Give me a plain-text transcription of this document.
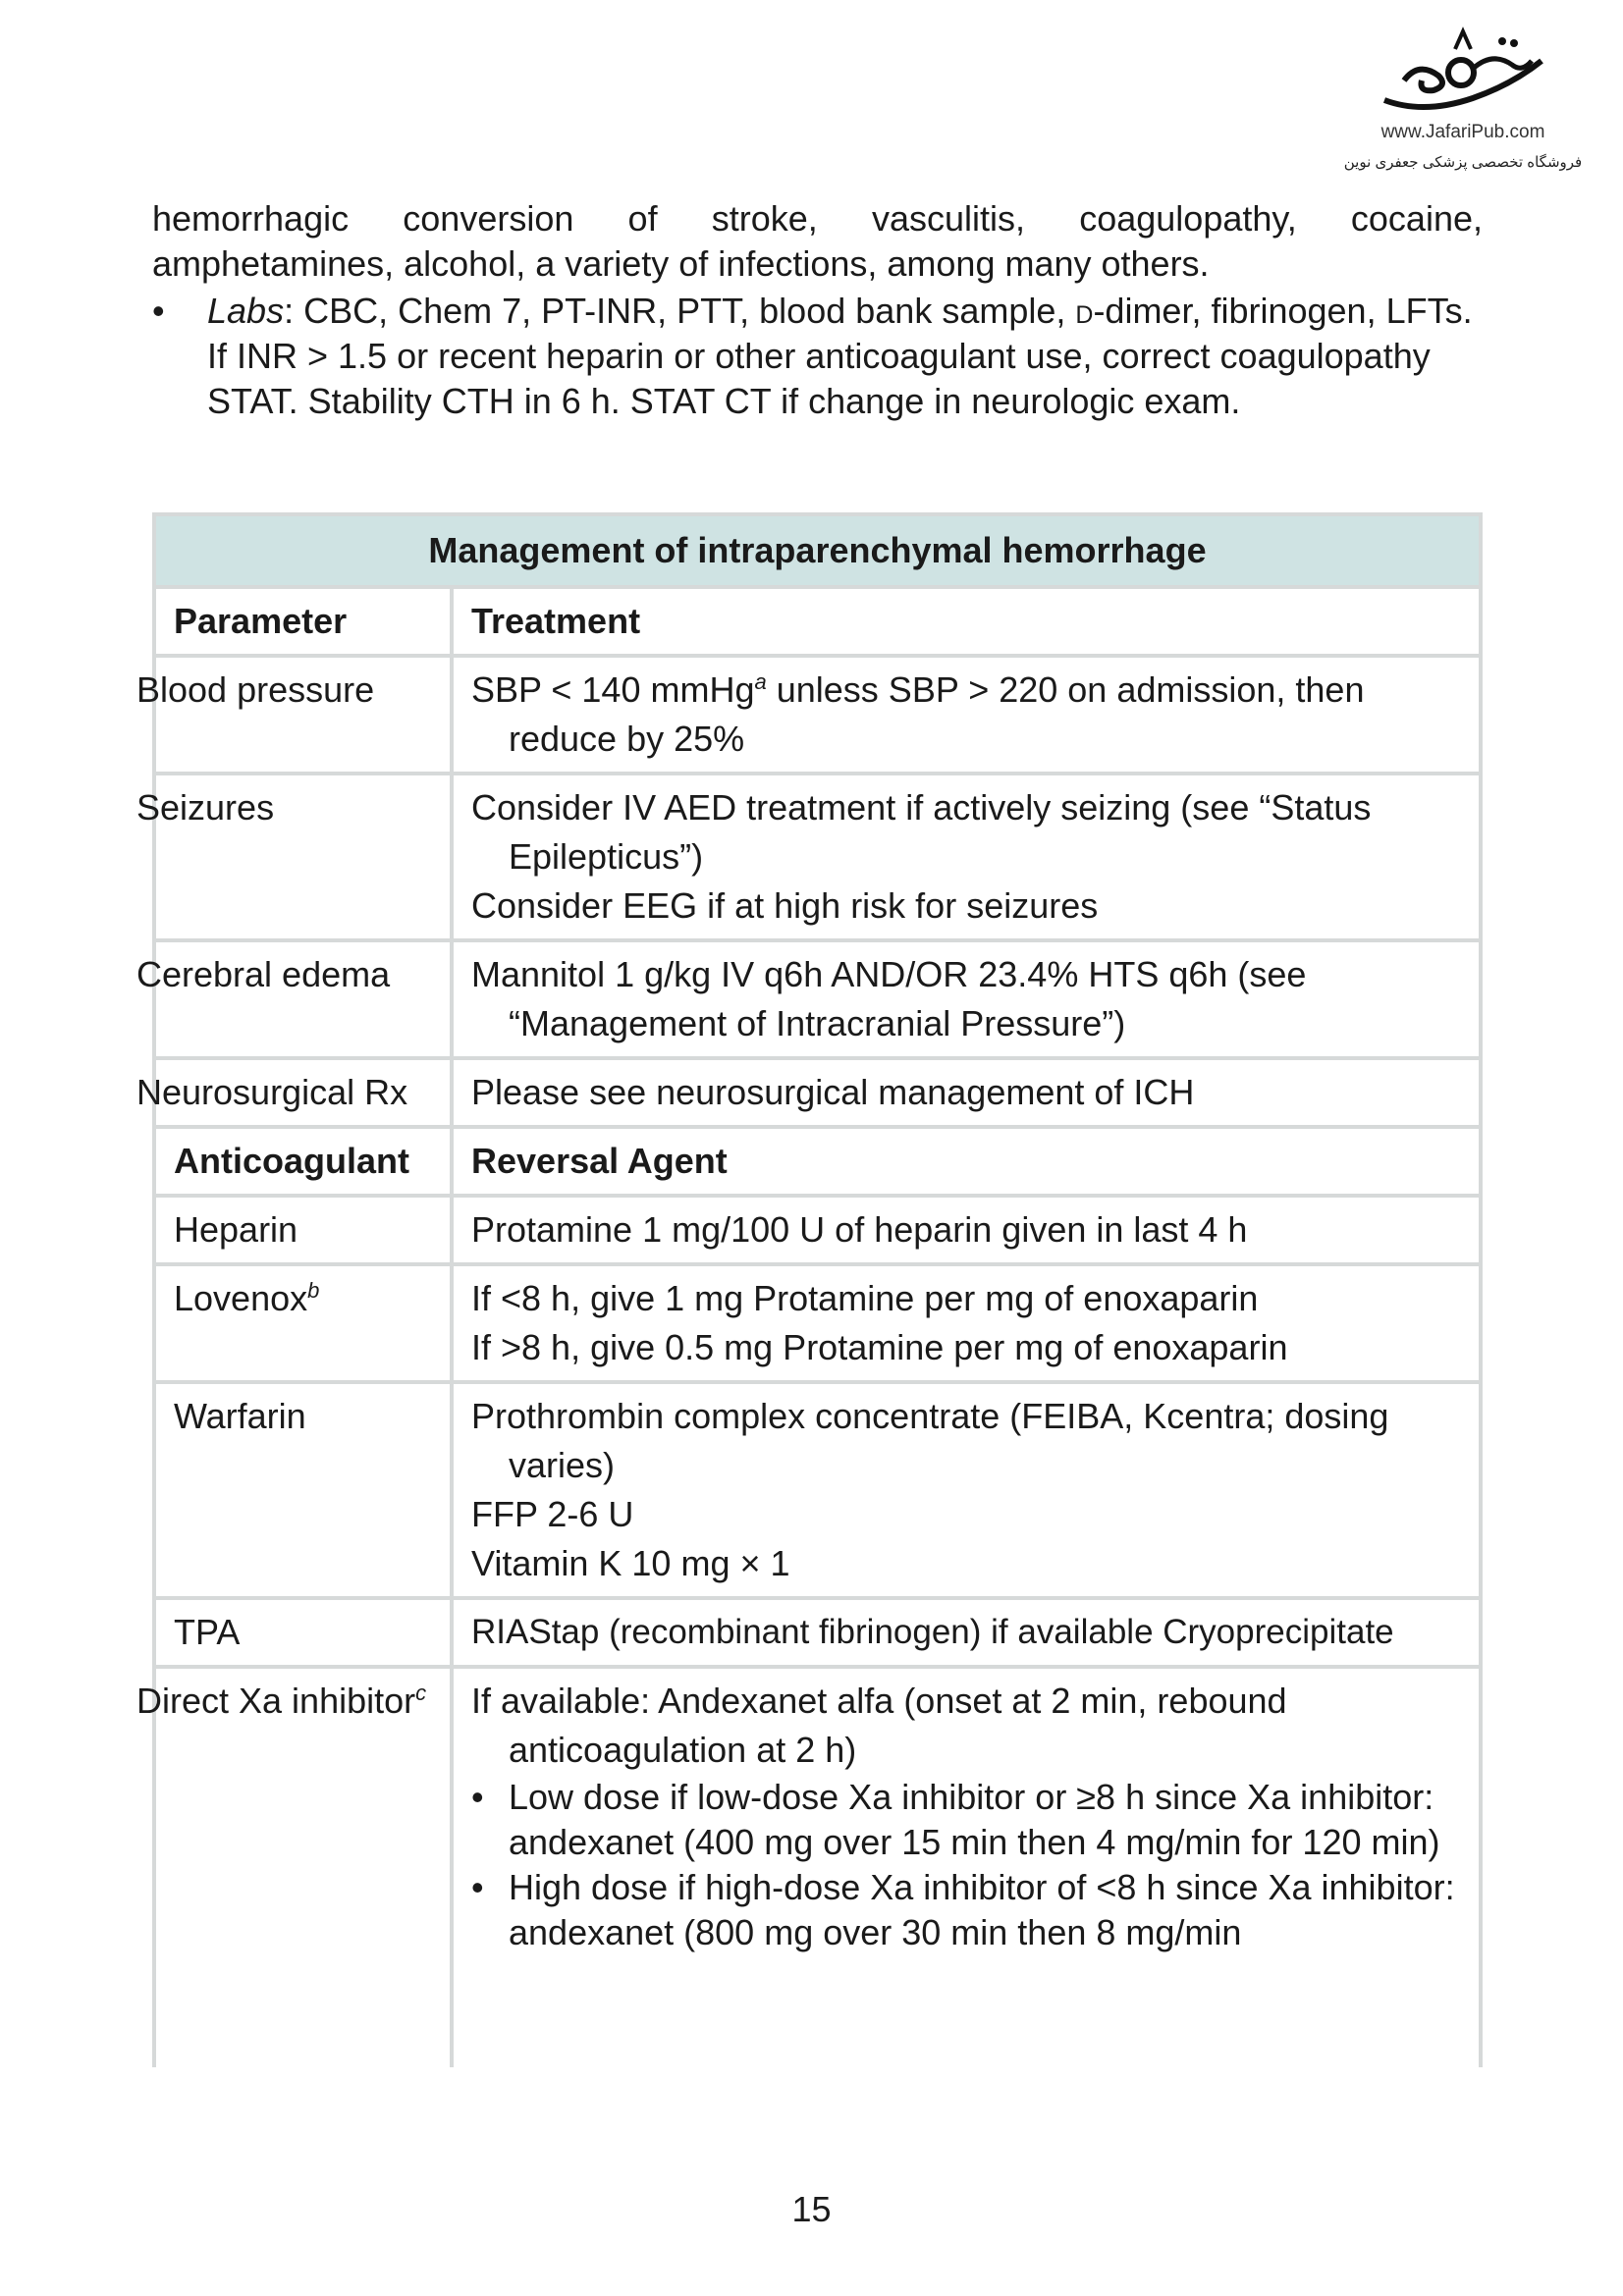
www.JafariPub.com
فروشگاه تخصصی پزشکی جعفری نوین
hemorrhagic conversion of stroke, vasculitis, coagulopathy, cocaine,
amphetamines, alcohol, a variety of infections, among many others.
• Labs: CBC, Chem 7, PT-INR, PTT, blood bank sample, d-dimer, fibrinogen, LFTs. If INR > 1.5 or recent heparin or other anticoagulant use, correct coagulopathy STAT. Stability CTH in 6 h. STAT CT if change in neurologic exam.
Management of intraparenchymal hemorrhage	
Parameter	Treatment
Blood pressure	SBP < 140 mmHg$^a$ unless SBP > 220 on admission, then reduce by 25%

Seizures	Consider IV AED treatment if actively seizing (see “Status Epilepticus”)
Consider EEG if at high risk for seizures

Cerebral edema	Mannitol 1 g/kg IV q6h AND/OR 23.4% HTS q6h (see “Management of Intracranial Pressure”)

Neurosurgical Rx	Please see neurosurgical management of ICH

Anticoagulant	Reversal Agent
Heparin	Protamine 1 mg/100 U of heparin given in last 4 h
Lovenox$^b$	If <8 h, give 1 mg Protamine per mg of enoxaparin
If >8 h, give 0.5 mg Protamine per mg of enoxaparin

Warfarin	Prothrombin complex concentrate (FEIBA, Kcentra; dosing varies)
FFP 2-6 U
Vitamin K 10 mg × 1

TPA	RIAStap (recombinant fibrinogen) if available Cryoprecipitate
Direct Xa inhibitor$^c$	If available: Andexanet alfa (onset at 2 min, rebound anticoagulation at 2 h)
• Low dose if low-dose Xa inhibitor or ≥8 h since Xa inhibitor: andexanet (400 mg over 15 min then 4 mg/min for 120 min)
• High dose if high-dose Xa inhibitor of <8 h since Xa inhibitor: andexanet (800 mg over 30 min then 8 mg/min
15
